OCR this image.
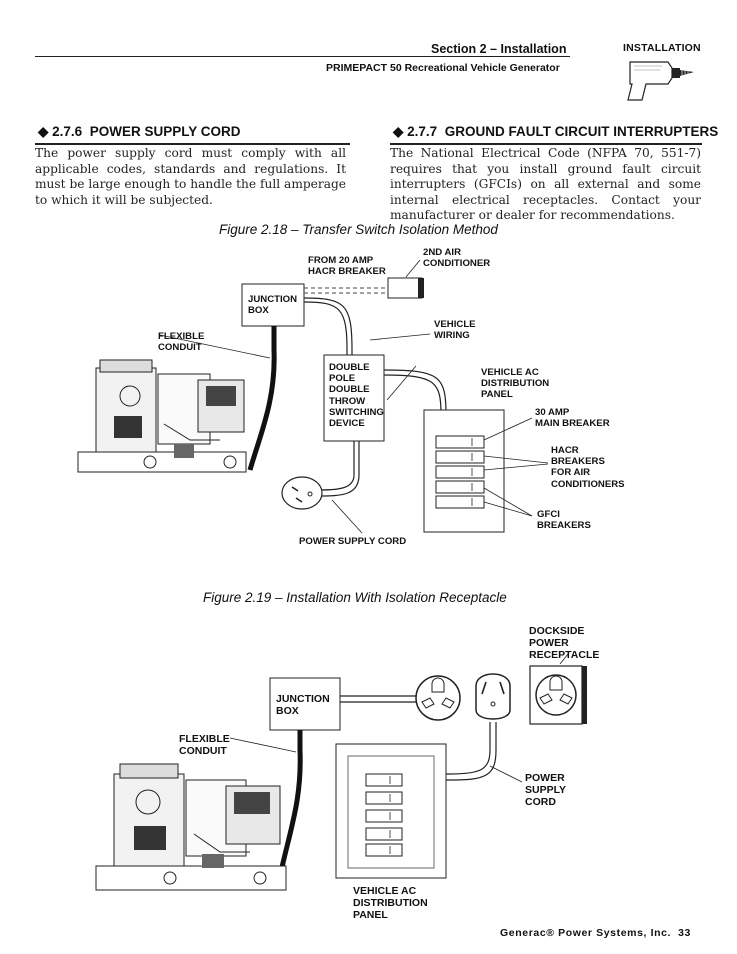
Section 2 – Installation
PRIMEPACT 50 Recreational Vehicle Generator
INSTALLATION
◆ 2.7.6 POWER SUPPLY CORD
The power supply cord must comply with all applicable codes, standards and regulations. It must be large enough to handle the full amperage to which it will be subjected.
◆ 2.7.7 GROUND FAULT CIRCUIT INTERRUPTERS
The National Electrical Code (NFPA 70, 551-7) requires that you install ground fault circuit interrupters (GFCIs) on all external and some internal electrical receptacles. Contact your manufacturer or dealer for recommendations.
Figure 2.18 – Transfer Switch Isolation Method
FROM 20 AMP
HACR BREAKER
2ND AIR
CONDITIONER
JUNCTION
BOX
FLEXIBLE
CONDUIT
VEHICLE
WIRING
DOUBLE
POLE
DOUBLE
THROW
SWITCHING
DEVICE
VEHICLE AC
DISTRIBUTION
PANEL
30 AMP
MAIN BREAKER
HACR
BREAKERS
FOR AIR
CONDITIONERS
GFCI
BREAKERS
POWER SUPPLY CORD
Figure 2.19 – Installation With Isolation Receptacle
DOCKSIDE
POWER
RECEPTACLE
JUNCTION
BOX
FLEXIBLE
CONDUIT
POWER
SUPPLY
CORD
VEHICLE AC
DISTRIBUTION
PANEL
Generac® Power Systems, Inc. 33
